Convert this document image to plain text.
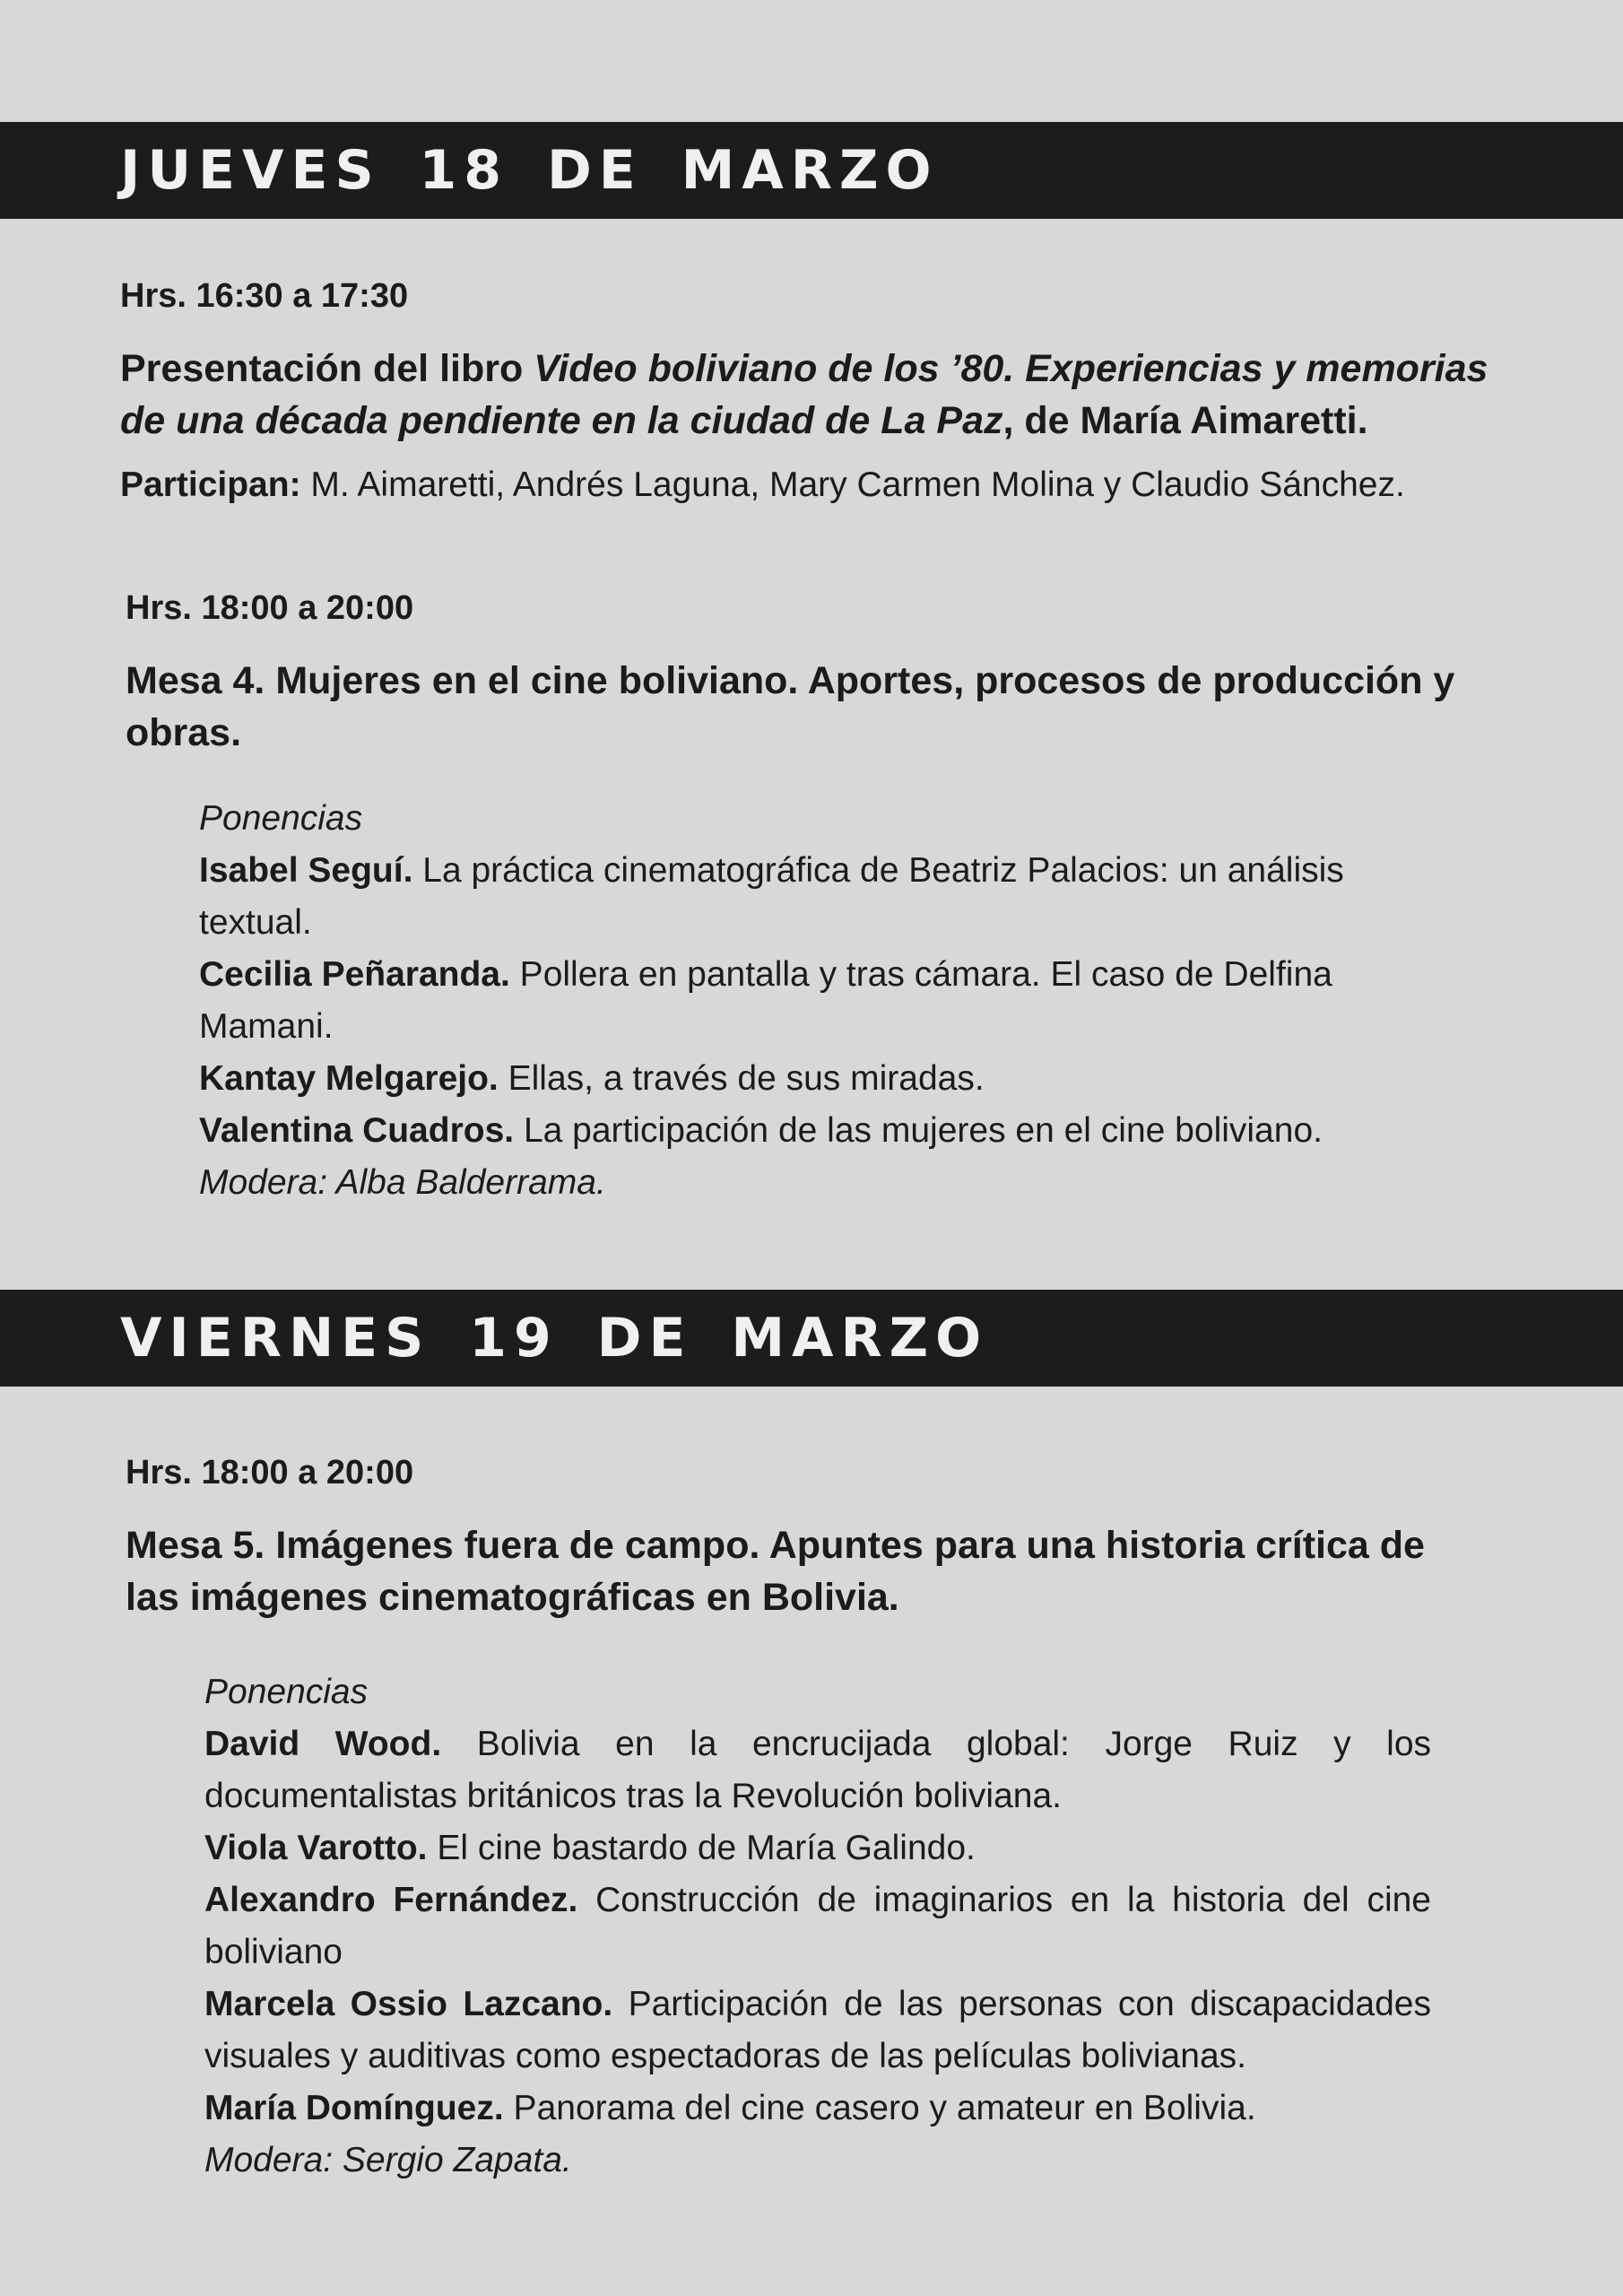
JUEVES 18 DE MARZO

Hrs. 16:30 a 17:30

Presentación del libro Video boliviano de los ’80. Experiencias y memorias de una década pendiente en la ciudad de La Paz, de María Aimaretti.

Participan: M. Aimaretti, Andrés Laguna, Mary Carmen Molina y Claudio Sánchez.

Hrs. 18:00 a 20:00

Mesa 4. Mujeres en el cine boliviano. Aportes, procesos de producción y obras.

Ponencias

Isabel Seguí. La práctica cinematográfica de Beatriz Palacios: un análisis textual.

Cecilia Peñaranda. Pollera en pantalla y tras cámara. El caso de Delfina Mamani.

Kantay Melgarejo. Ellas, a través de sus miradas.

Valentina Cuadros. La participación de las mujeres en el cine boliviano.

Modera: Alba Balderrama.

VIERNES 19 DE MARZO

Hrs. 18:00 a 20:00

Mesa 5. Imágenes fuera de campo. Apuntes para una historia crítica de las imágenes cinematográficas en Bolivia.

Ponencias

David Wood. Bolivia en la encrucijada global: Jorge Ruiz y los documentalistas británicos tras la Revolución boliviana.

Viola Varotto. El cine bastardo de María Galindo.

Alexandro Fernández. Construcción de imaginarios en la historia del cine boliviano

Marcela Ossio Lazcano. Participación de las personas con discapacidades visuales y auditivas como espectadoras de las películas bolivianas.

María Domínguez. Panorama del cine casero y amateur en Bolivia.

Modera: Sergio Zapata.
